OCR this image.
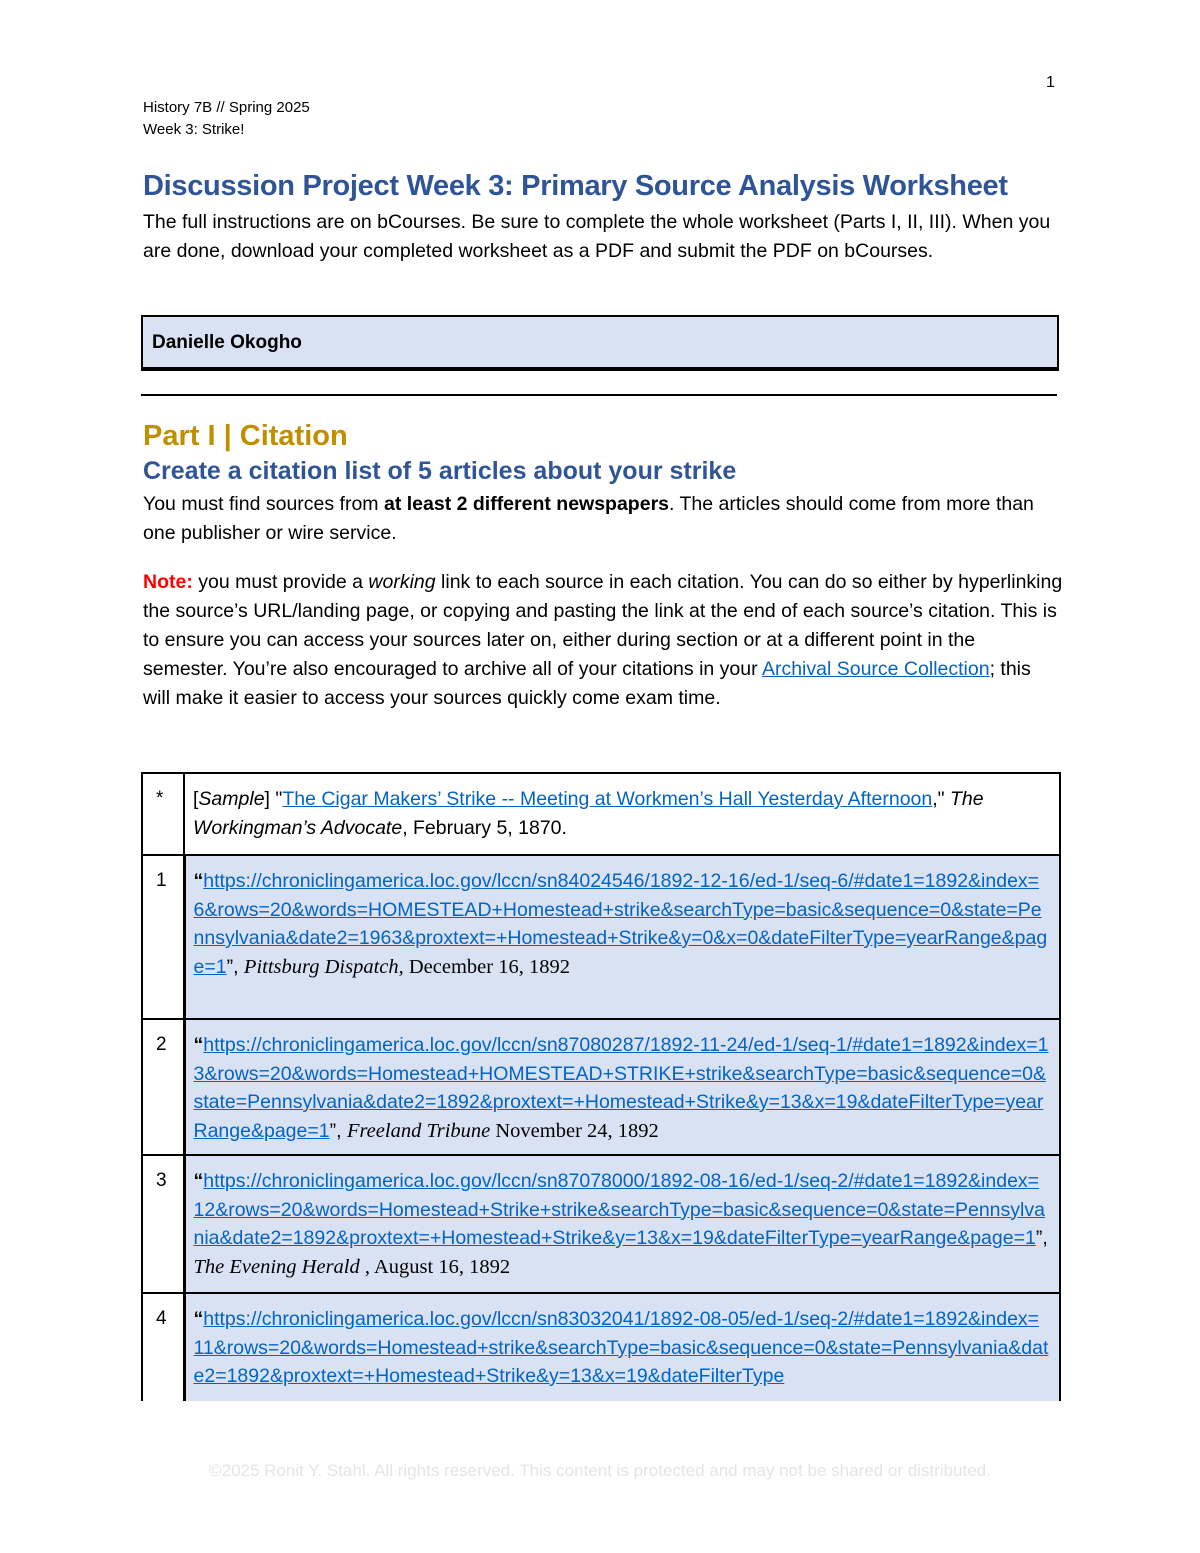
1
History 7B // Spring 2025
Week 3: Strike!
Discussion Project Week 3: Primary Source Analysis Worksheet

The full instructions are on bCourses. Be sure to complete the whole worksheet (Parts I, II, III). When you are done, download your completed worksheet as a PDF and submit the PDF on bCourses.

Danielle Okogho
Part I | Citation
Create a citation list of 5 articles about your strike

You must find sources from at least 2 different newspapers. The articles should come from more than one publisher or wire service.

Note: you must provide a working link to each source in each citation. You can do so either by hyperlinking the source’s URL/landing page, or copying and pasting the link at the end of each source’s citation. This is to ensure you can access your sources later on, either during section or at a different point in the semester. You’re also encouraged to archive all of your citations in your Archival Source Collection; this will make it easier to access your sources quickly come exam time.

*	[Sample] "The Cigar Makers’ Strike -- Meeting at Workmen’s Hall Yesterday Afternoon," The Workingman’s Advocate, February 5, 1870.
1	“https://chroniclingamerica.loc.gov/lccn/sn84024546/1892-12-16/ed-1/seq-6/#date1=1892&index=6&rows=20&words=HOMESTEAD+Homestead+strike&searchType=basic&sequence=0&state=Pennsylvania&date2=1963&proxtext=+Homestead+Strike&y=0&x=0&dateFilterType=yearRange&page=1”, Pittsburg Dispatch, December 16, 1892
2	“https://chroniclingamerica.loc.gov/lccn/sn87080287/1892-11-24/ed-1/seq-1/#date1=1892&index=13&rows=20&words=Homestead+HOMESTEAD+STRIKE+strike&searchType=basic&sequence=0&state=Pennsylvania&date2=1892&proxtext=+Homestead+Strike&y=13&x=19&dateFilterType=yearRange&page=1”, Freeland Tribune November 24, 1892
3	“https://chroniclingamerica.loc.gov/lccn/sn87078000/1892-08-16/ed-1/seq-2/#date1=1892&index=12&rows=20&words=Homestead+Strike+strike&searchType=basic&sequence=0&state=Pennsylvania&date2=1892&proxtext=+Homestead+Strike&y=13&x=19&dateFilterType=yearRange&page=1”, The Evening Herald , August 16, 1892
4	“https://chroniclingamerica.loc.gov/lccn/sn83032041/1892-08-05/ed-1/seq-2/#date1=1892&index=11&rows=20&words=Homestead+strike&searchType=basic&sequence=0&state=Pennsylvania&date2=1892&proxtext=+Homestead+Strike&y=13&x=19&dateFilterType
©2025 Ronit Y. Stahl. All rights reserved. This content is protected and may not be shared or distributed.
